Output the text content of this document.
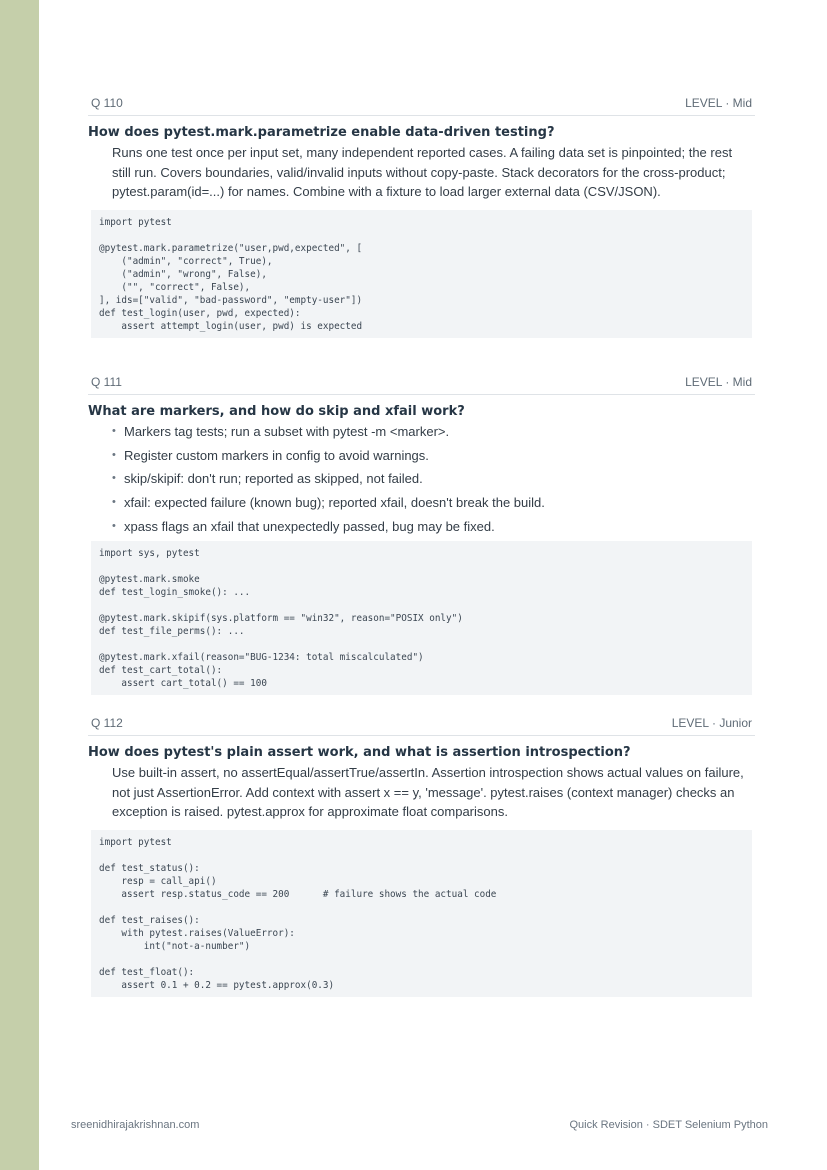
Q 110	LEVEL · Mid
How does pytest.mark.parametrize enable data-driven testing?

Runs one test once per input set, many independent reported cases. A failing data set is pinpointed; the rest still run. Covers boundaries, valid/invalid inputs without copy-paste. Stack decorators for the cross-product; pytest.param(id=...) for names. Combine with a fixture to load larger external data (CSV/JSON).

import pytest
@pytest.mark.parametrize("user,pwd,expected", [
("admin", "correct", True),
("admin", "wrong", False),
("", "correct", False),
], ids=["valid", "bad-password", "empty-user"])
def test_login(user, pwd, expected):
assert attempt_login(user, pwd) is expected
Q 111	LEVEL · Mid
What are markers, and how do skip and xfail work?
• Markers tag tests; run a subset with pytest -m <marker>.
• Register custom markers in config to avoid warnings.
• skip/skipif: don't run; reported as skipped, not failed.
• xfail: expected failure (known bug); reported xfail, doesn't break the build.
• xpass flags an xfail that unexpectedly passed, bug may be fixed.
import sys, pytest
@pytest.mark.smoke
def test_login_smoke(): ...
@pytest.mark.skipif(sys.platform == "win32", reason="POSIX only")
def test_file_perms(): ...
@pytest.mark.xfail(reason="BUG-1234: total miscalculated")
def test_cart_total():
assert cart_total() == 100
Q 112	LEVEL · Junior
How does pytest's plain assert work, and what is assertion introspection?

Use built-in assert, no assertEqual/assertTrue/assertIn. Assertion introspection shows actual values on failure, not just AssertionError. Add context with assert x == y, 'message'. pytest.raises (context manager) checks an exception is raised. pytest.approx for approximate float comparisons.

import pytest
def test_status():
resp = call_api()
assert resp.status_code == 200      # failure shows the actual code
def test_raises():
with pytest.raises(ValueError):
int("not-a-number")
def test_float():
assert 0.1 + 0.2 == pytest.approx(0.3)
sreenidhirajakrishnan.com	Quick Revision · SDET Selenium Python
